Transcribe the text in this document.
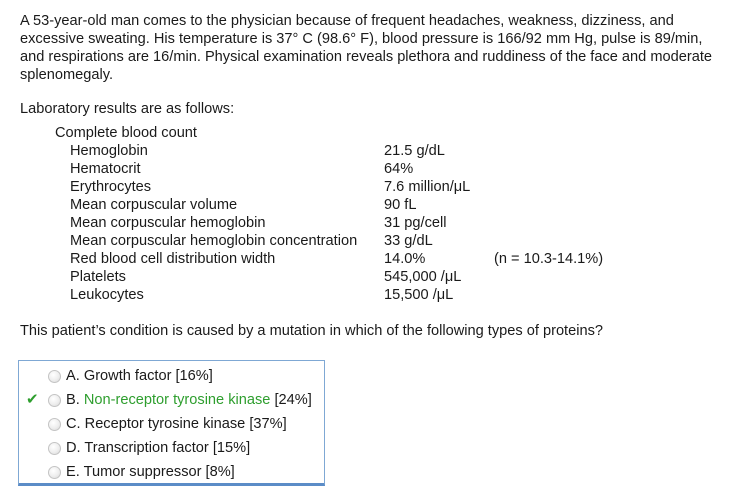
A 53-year-old man comes to the physician because of frequent headaches, weakness, dizziness, and
excessive sweating. His temperature is 37° C (98.6° F), blood pressure is 166/92 mm Hg, pulse is 89/min,
and respirations are 16/min. Physical examination reveals plethora and ruddiness of the face and moderate
splenomegaly.
Laboratory results are as follows:
Complete blood count
Hemoglobin	21.5 g/dL
Hematocrit	64%
Erythrocytes	7.6 million/μL
Mean corpuscular volume	90 fL
Mean corpuscular hemoglobin	31 pg/cell
Mean corpuscular hemoglobin concentration 33 g/dL
Red blood cell distribution width	14.0%	(n = 10.3-14.1%)
Platelets	545,000 /μL
Leukocytes	15,500 /μL
This patient’s condition is caused by a mutation in which of the following types of proteins?
A. Growth factor [16%]
✔ B. Non-receptor tyrosine kinase [24%]
C. Receptor tyrosine kinase [37%]
D. Transcription factor [15%]
E. Tumor suppressor [8%]
